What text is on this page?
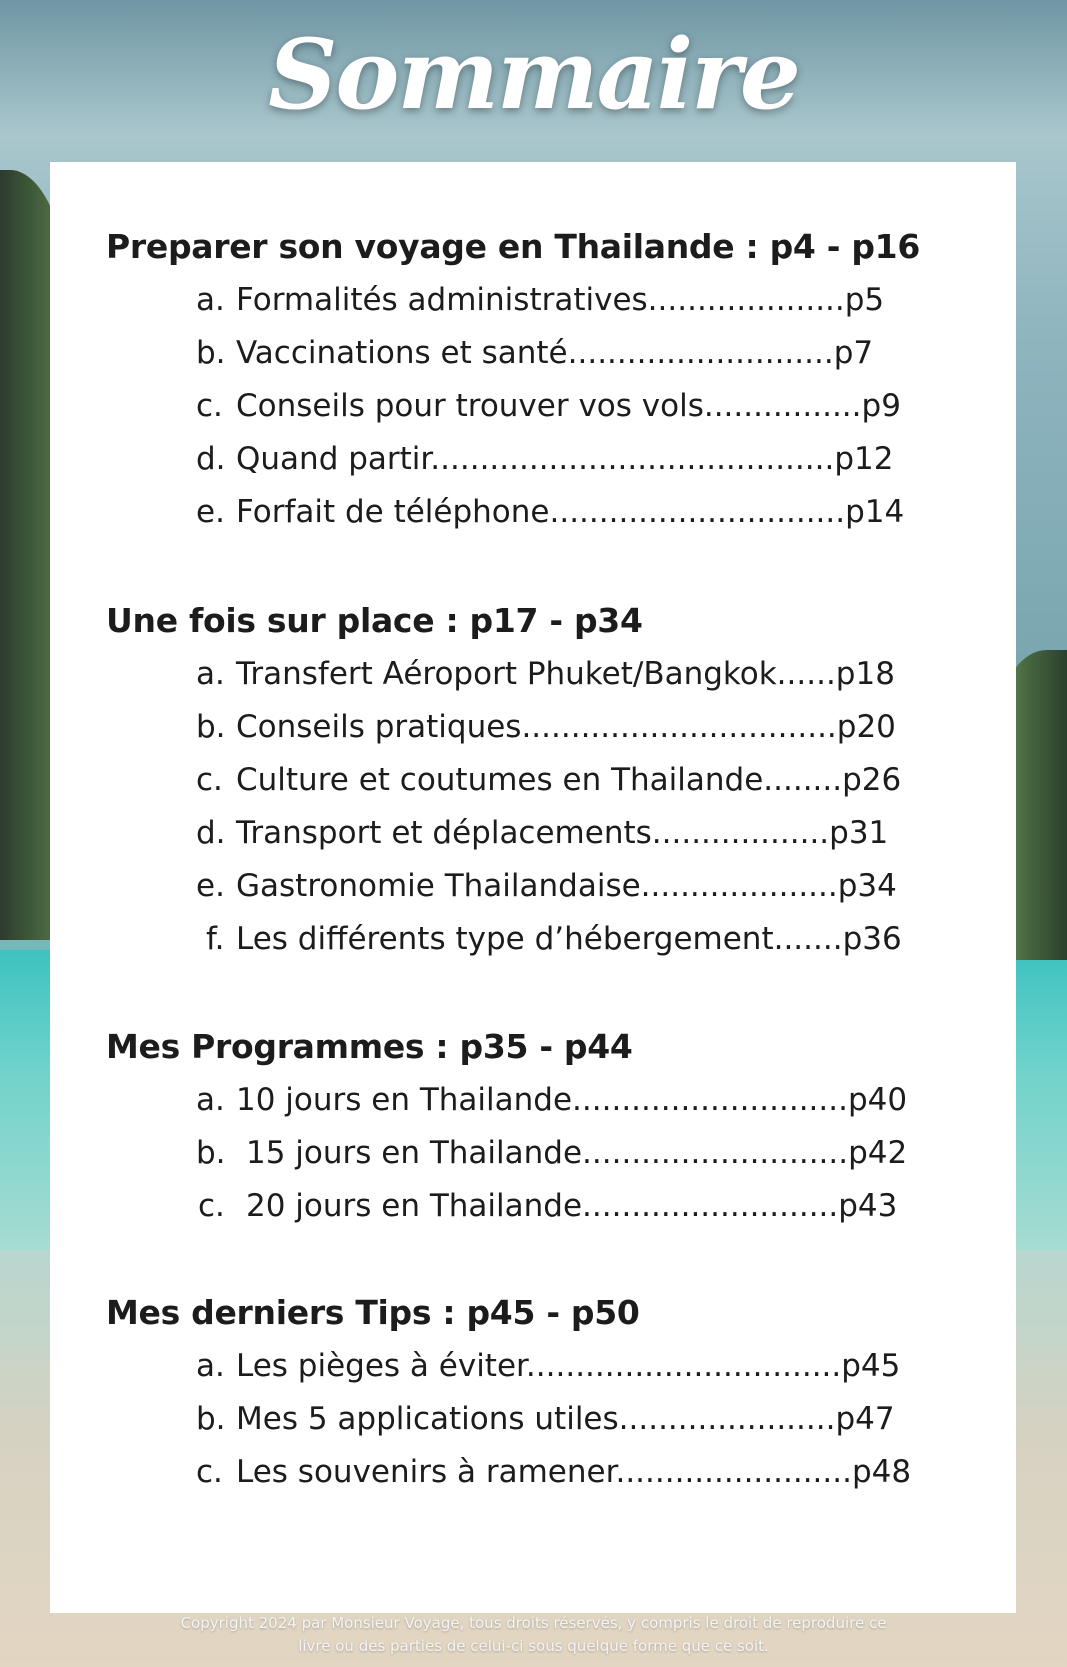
Sommaire
Preparer son voyage en Thailande : p4 - p16
a. Formalités administratives....................p5
b. Vaccinations et santé...........................p7
c. Conseils pour trouver vos vols................p9
d. Quand partir.........................................p12
e. Forfait de téléphone..............................p14
Une fois sur place : p17 - p34
a. Transfert Aéroport Phuket/Bangkok......p18
b. Conseils pratiques................................p20
c. Culture et coutumes en Thailande........p26
d. Transport et déplacements..................p31
e. Gastronomie Thailandaise....................p34
f. Les différents type d’hébergement.......p36
Mes Programmes : p35 - p44
a. 10 jours en Thailande............................p40
b. 15 jours en Thailande...........................p42
c. 20 jours en Thailande..........................p43
Mes derniers Tips : p45 - p50
a. Les pièges à éviter................................p45
b. Mes 5 applications utiles......................p47
c. Les souvenirs à ramener........................p48
Copyright 2024 par Monsieur Voyage, tous droits réservés, y compris le droit de reproduire ce
livre ou des parties de celui-ci sous quelque forme que ce soit.
